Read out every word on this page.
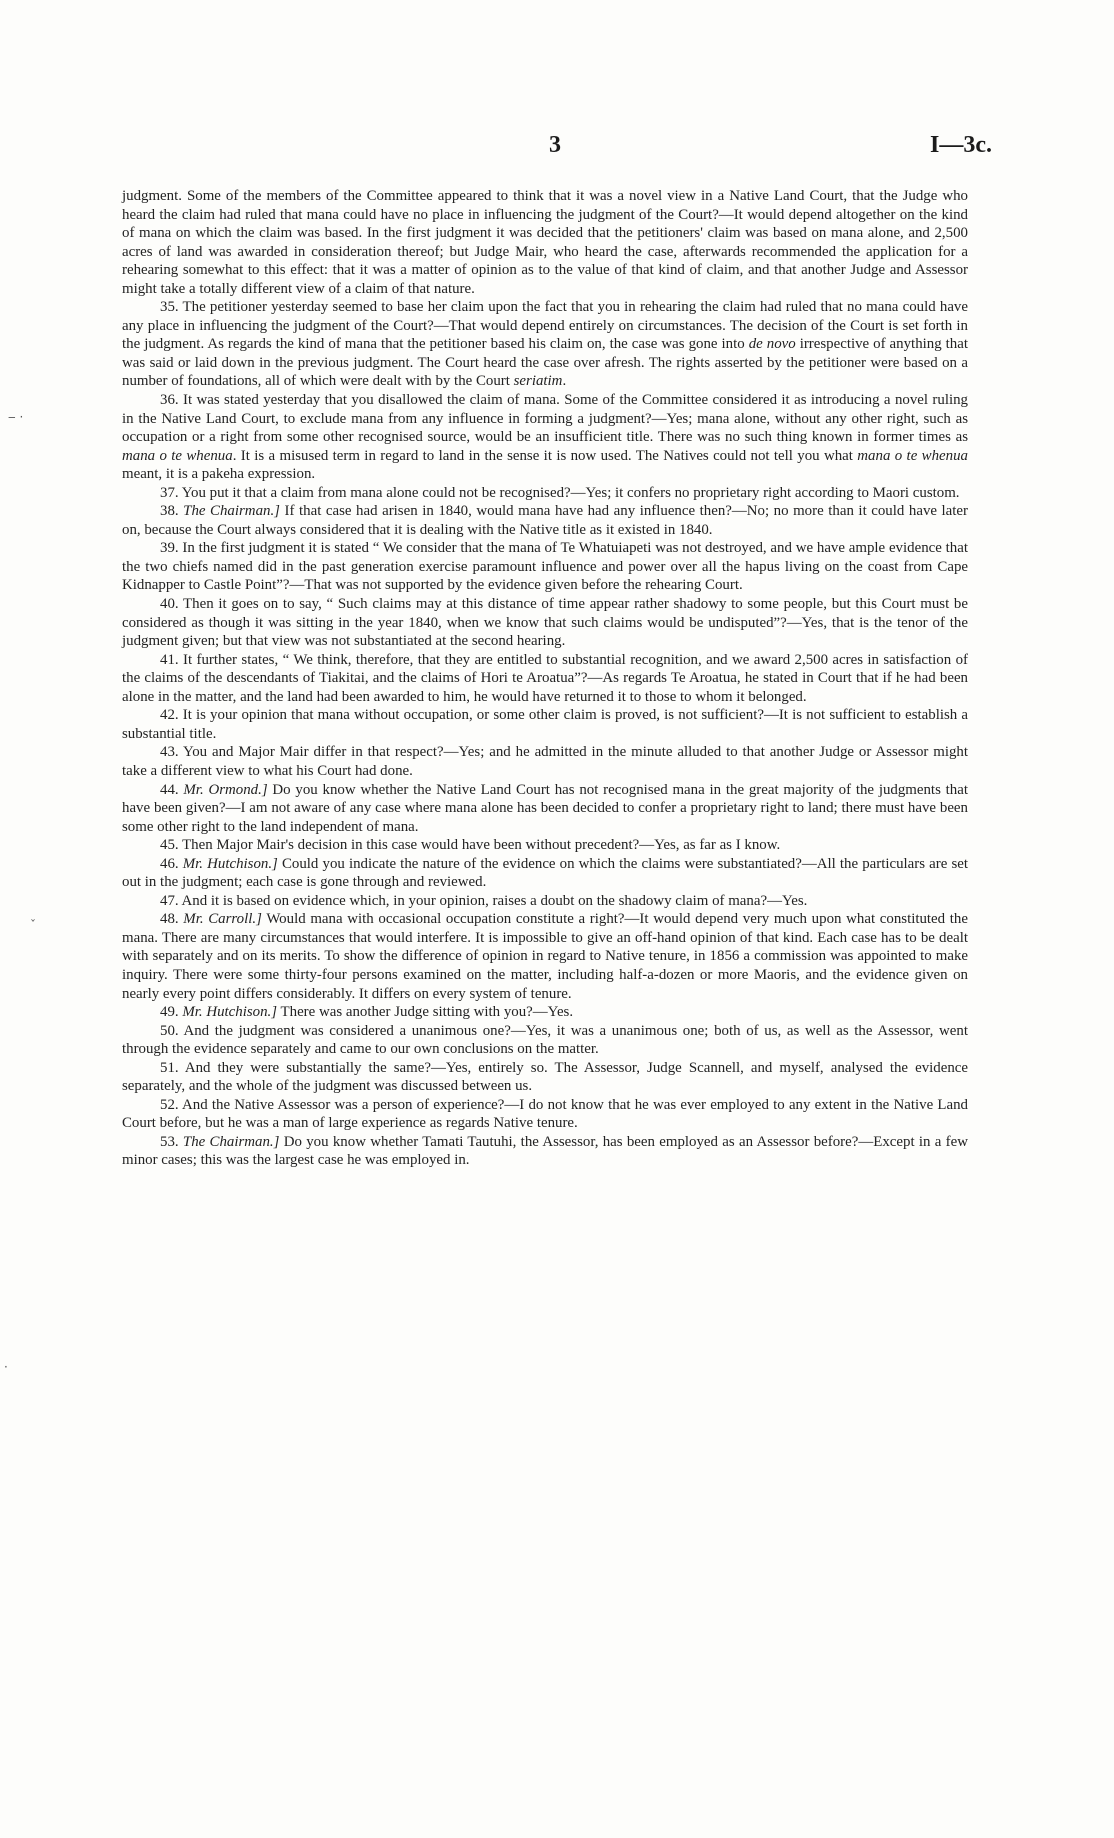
3	I—3c.
‒ ·
ˇ
·

judgment. Some of the members of the Committee appeared to think that it was a novel view in a Native Land Court, that the Judge who heard the claim had ruled that mana could have no place in influencing the judgment of the Court?—It would depend altogether on the kind of mana on which the claim was based. In the first judgment it was decided that the petitioners' claim was based on mana alone, and 2,500 acres of land was awarded in consideration thereof; but Judge Mair, who heard the case, afterwards recommended the application for a rehearing somewhat to this effect: that it was a matter of opinion as to the value of that kind of claim, and that another Judge and Assessor might take a totally different view of a claim of that nature.

35. The petitioner yesterday seemed to base her claim upon the fact that you in rehearing the claim had ruled that no mana could have any place in influencing the judgment of the Court?—That would depend entirely on circumstances. The decision of the Court is set forth in the judgment. As regards the kind of mana that the petitioner based his claim on, the case was gone into de novo irrespective of anything that was said or laid down in the previous judgment. The Court heard the case over afresh. The rights asserted by the petitioner were based on a number of foundations, all of which were dealt with by the Court seriatim.

36. It was stated yesterday that you disallowed the claim of mana. Some of the Committee considered it as introducing a novel ruling in the Native Land Court, to exclude mana from any influence in forming a judgment?—Yes; mana alone, without any other right, such as occupation or a right from some other recognised source, would be an insufficient title. There was no such thing known in former times as mana o te whenua. It is a misused term in regard to land in the sense it is now used. The Natives could not tell you what mana o te whenua meant, it is a pakeha expression.

37. You put it that a claim from mana alone could not be recognised?—Yes; it confers no proprietary right according to Maori custom.

38. The Chairman.] If that case had arisen in 1840, would mana have had any influence then?—No; no more than it could have later on, because the Court always considered that it is dealing with the Native title as it existed in 1840.

39. In the first judgment it is stated “ We consider that the mana of Te Whatuiapeti was not destroyed, and we have ample evidence that the two chiefs named did in the past generation exercise paramount influence and power over all the hapus living on the coast from Cape Kidnapper to Castle Point”?—That was not supported by the evidence given before the rehearing Court.

40. Then it goes on to say, “ Such claims may at this distance of time appear rather shadowy to some people, but this Court must be considered as though it was sitting in the year 1840, when we know that such claims would be undisputed”?—Yes, that is the tenor of the judgment given; but that view was not substantiated at the second hearing.

41. It further states, “ We think, therefore, that they are entitled to substantial recognition, and we award 2,500 acres in satisfaction of the claims of the descendants of Tiakitai, and the claims of Hori te Aroatua”?—As regards Te Aroatua, he stated in Court that if he had been alone in the matter, and the land had been awarded to him, he would have returned it to those to whom it belonged.

42. It is your opinion that mana without occupation, or some other claim is proved, is not sufficient?—It is not sufficient to establish a substantial title.

43. You and Major Mair differ in that respect?—Yes; and he admitted in the minute alluded to that another Judge or Assessor might take a different view to what his Court had done.

44. Mr. Ormond.] Do you know whether the Native Land Court has not recognised mana in the great majority of the judgments that have been given?—I am not aware of any case where mana alone has been decided to confer a proprietary right to land; there must have been some other right to the land independent of mana.

45. Then Major Mair's decision in this case would have been without precedent?—Yes, as far as I know.

46. Mr. Hutchison.] Could you indicate the nature of the evidence on which the claims were substantiated?—All the particulars are set out in the judgment; each case is gone through and reviewed.

47. And it is based on evidence which, in your opinion, raises a doubt on the shadowy claim of mana?—Yes.

48. Mr. Carroll.] Would mana with occasional occupation constitute a right?—It would depend very much upon what constituted the mana. There are many circumstances that would interfere. It is impossible to give an off-hand opinion of that kind. Each case has to be dealt with separately and on its merits. To show the difference of opinion in regard to Native tenure, in 1856 a commission was appointed to make inquiry. There were some thirty-four persons examined on the matter, including half-a-dozen or more Maoris, and the evidence given on nearly every point differs considerably. It differs on every system of tenure.

49. Mr. Hutchison.] There was another Judge sitting with you?—Yes.

50. And the judgment was considered a unanimous one?—Yes, it was a unanimous one; both of us, as well as the Assessor, went through the evidence separately and came to our own conclusions on the matter.

51. And they were substantially the same?—Yes, entirely so. The Assessor, Judge Scannell, and myself, analysed the evidence separately, and the whole of the judgment was discussed between us.

52. And the Native Assessor was a person of experience?—I do not know that he was ever employed to any extent in the Native Land Court before, but he was a man of large experience as regards Native tenure.

53. The Chairman.] Do you know whether Tamati Tautuhi, the Assessor, has been employed as an Assessor before?—Except in a few minor cases; this was the largest case he was employed in.
